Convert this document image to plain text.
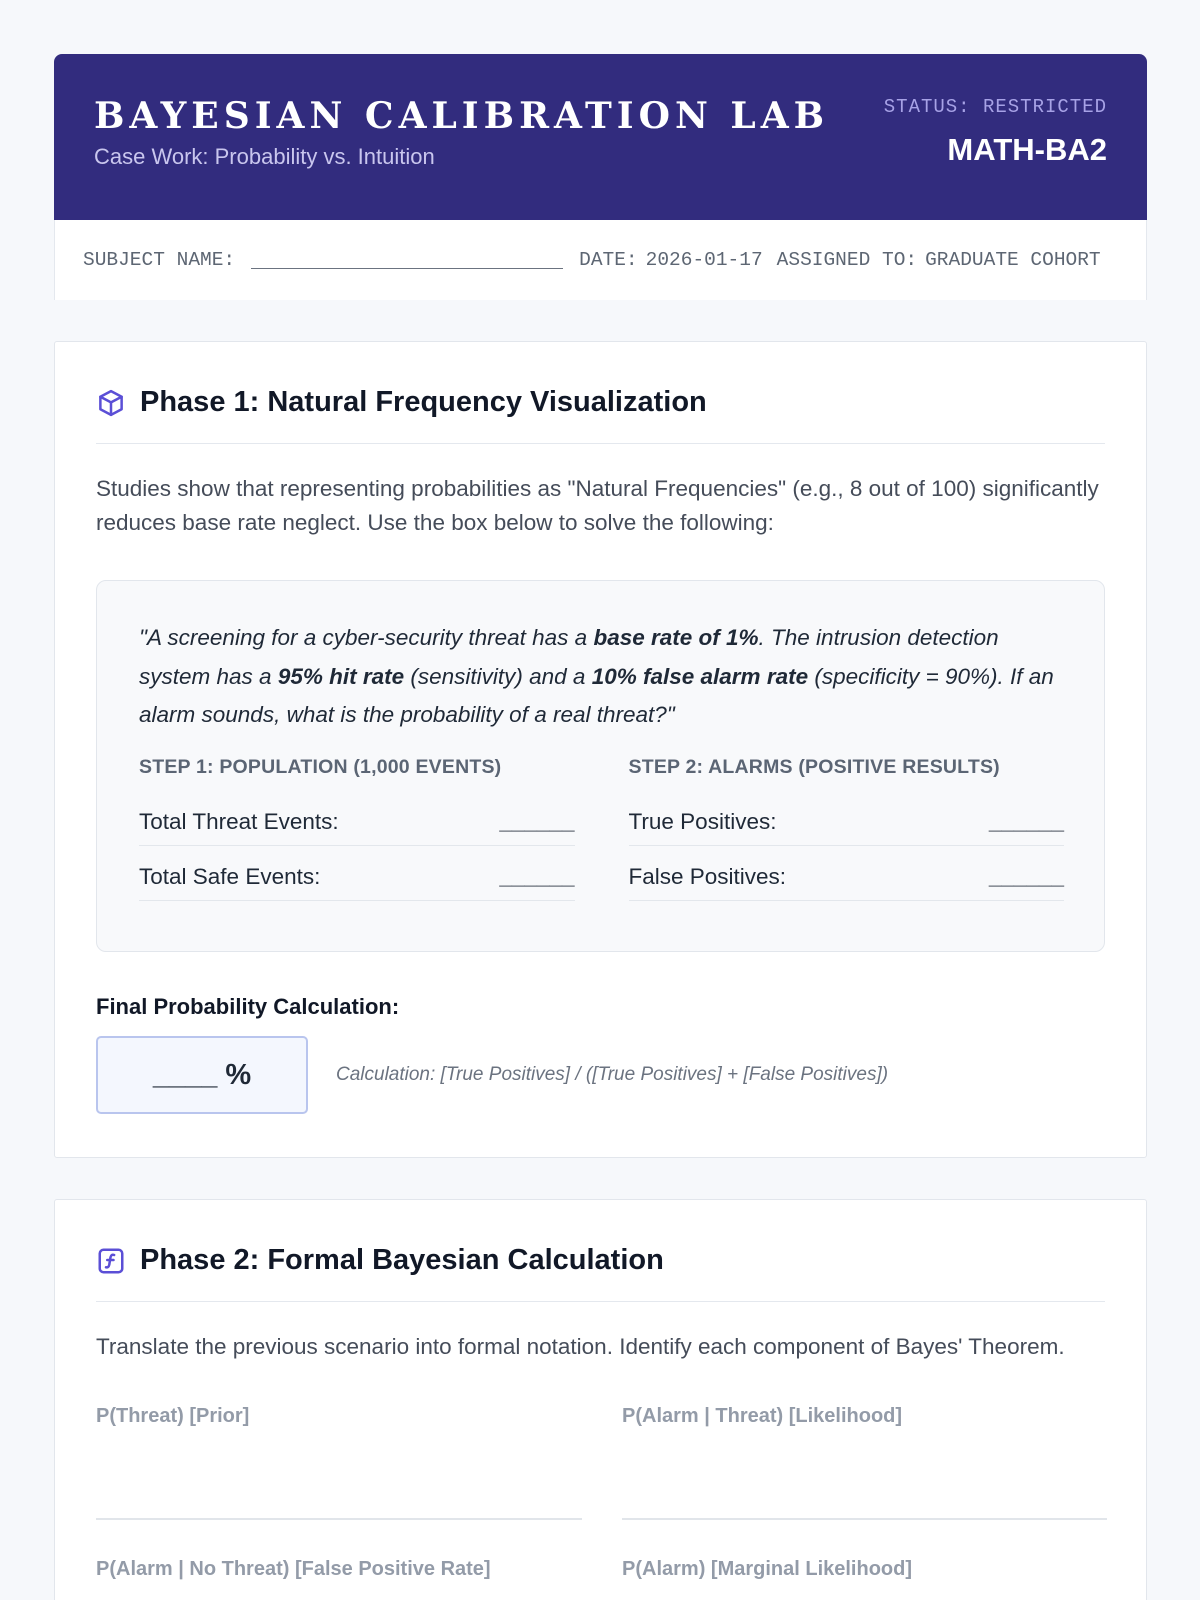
BAYESIAN CALIBRATION LAB
Case Work: Probability vs. Intuition
STATUS: RESTRICTED
MATH-BA2
SUBJECT NAME:	DATE: 2026-01-17 ASSIGNED TO: GRADUATE COHORT
Phase 1: Natural Frequency Visualization

Studies show that representing probabilities as "Natural Frequencies" (e.g., 8 out of 100) significantly reduces base rate neglect. Use the box below to solve the following:

"A screening for a cyber-security threat has a base rate of 1%. The intrusion detection system has a 95% hit rate (sensitivity) and a 10% false alarm rate (specificity = 90%). If an alarm sounds, what is the probability of a real threat?"

STEP 1: POPULATION (1,000 EVENTS)
Total Threat Events:	______
Total Safe Events:	______
STEP 2: ALARMS (POSITIVE RESULTS)
True Positives:	______
False Positives:	______
Final Probability Calculation:
____ %	Calculation: [True Positives] / ([True Positives] + [False Positives])
Phase 2: Formal Bayesian Calculation

Translate the previous scenario into formal notation. Identify each component of Bayes' Theorem.

P(Threat) [Prior]	P(Alarm | Threat) [Likelihood]
P(Alarm | No Threat) [False Positive Rate]	P(Alarm) [Marginal Likelihood]
